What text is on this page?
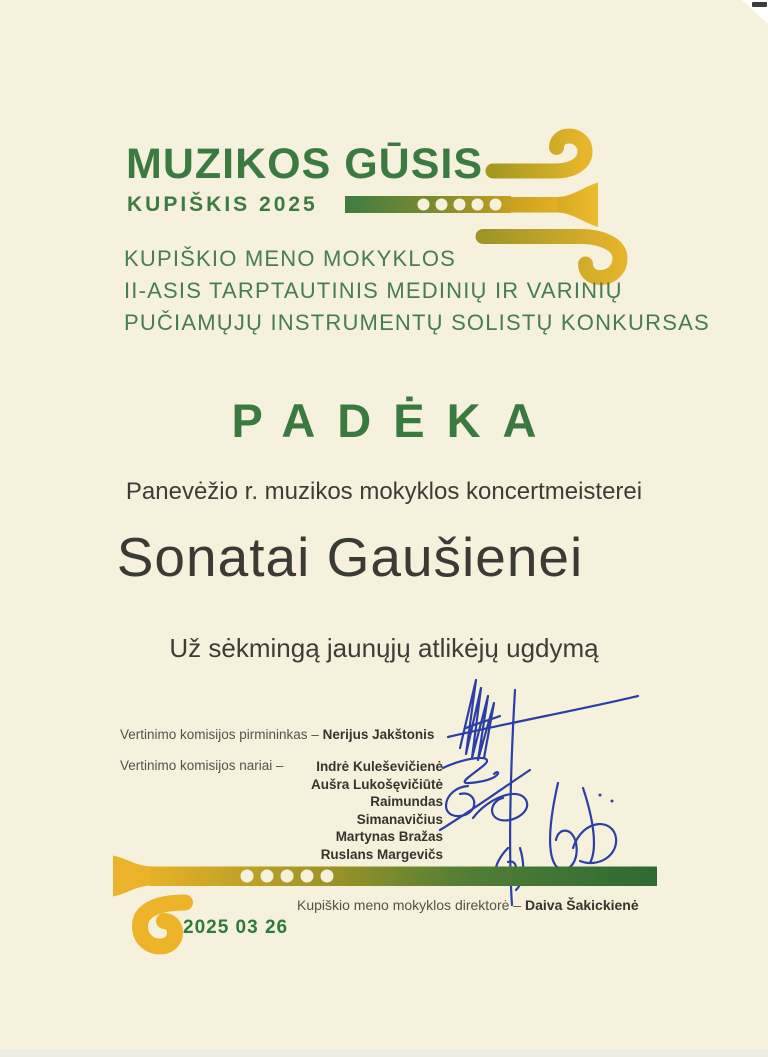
MUZIKOS GŪSIS
KUPIŠKIS 2025
KUPIŠKIO MENO MOKYKLOS
II-ASIS TARPTAUTINIS MEDINIŲ IR VARINIŲ
PUČIAMŲJŲ INSTRUMENTŲ SOLISTŲ KONKURSAS
PADĖKA
Panevėžio r. muzikos mokyklos koncertmeisterei
Sonatai Gaušienei
Už sėkmingą jaunųjų atlikėjų ugdymą
Vertinimo komisijos pirmininkas – Nerijus Jakštonis
Vertinimo komisijos nariai –	Indrė Kuleševičienė
Aušra Lukošęvičiūtė
Raimundas Simanavičius
Martynas Bražas
Ruslans Margevičs
Kupiškio meno mokyklos direktorė – Daiva Šakickienė
2025 03 26
